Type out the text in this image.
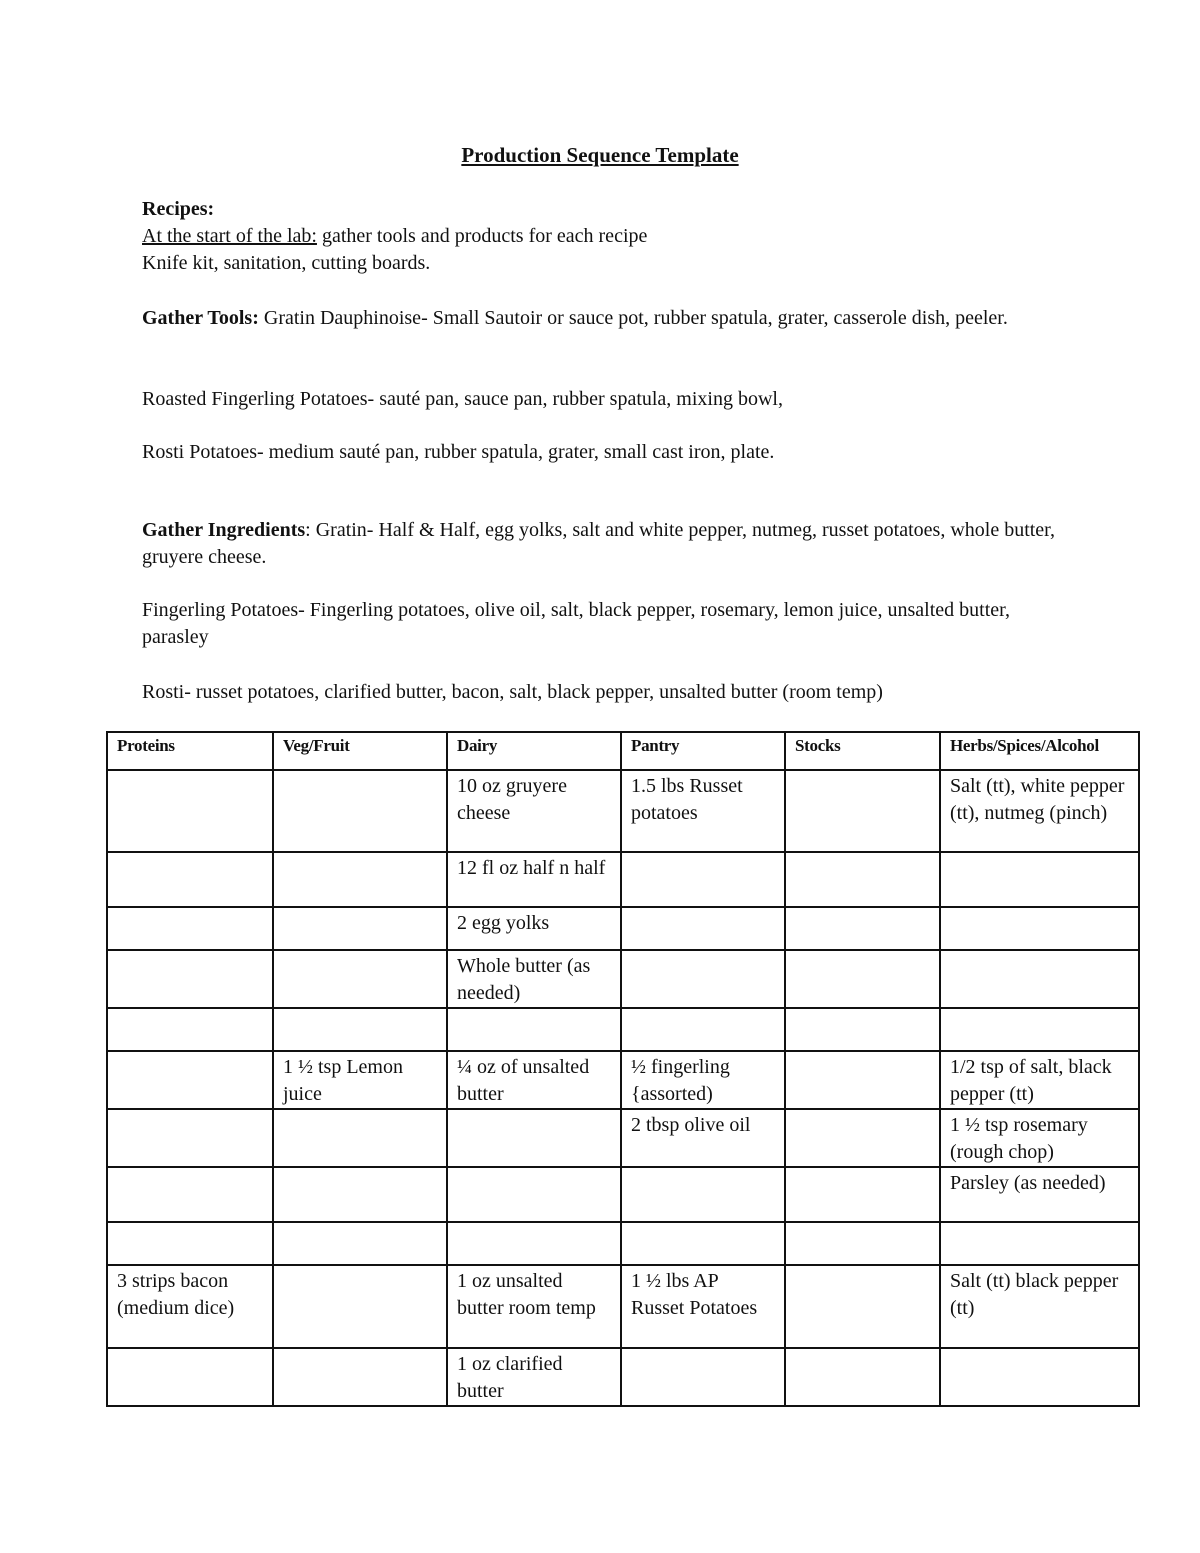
Production Sequence Template
Recipes:
At the start of the lab: gather tools and products for each recipe
Knife kit, sanitation, cutting boards.
Gather Tools: Gratin Dauphinoise- Small Sautoir or sauce pot, rubber spatula, grater, casserole dish, peeler.
Roasted Fingerling Potatoes- sauté pan, sauce pan, rubber spatula, mixing bowl,
Rosti Potatoes- medium sauté pan, rubber spatula, grater, small cast iron, plate.
Gather Ingredients: Gratin- Half & Half, egg yolks, salt and white pepper, nutmeg, russet potatoes, whole butter, gruyere cheese.
Fingerling Potatoes- Fingerling potatoes, olive oil, salt, black pepper, rosemary, lemon juice, unsalted butter, parasley
Rosti- russet potatoes, clarified butter, bacon, salt, black pepper, unsalted butter (room temp)
Proteins	Veg/Fruit	Dairy	Pantry	Stocks	Herbs/Spices/Alcohol
		10 oz gruyere cheese	1.5 lbs Russet potatoes		Salt (tt), white pepper (tt), nutmeg (pinch)
		12 fl oz half n half			
		2 egg yolks			
		Whole butter (as needed)			

	1 ½ tsp Lemon juice	¼ oz of unsalted butter	½ fingerling {assorted)		1/2 tsp of salt, black pepper (tt)
			2 tbsp olive oil		1 ½ tsp rosemary (rough chop)
					Parsley (as needed)

3 strips bacon (medium dice)		1 oz unsalted butter room temp	1 ½ lbs AP Russet Potatoes		Salt (tt) black pepper (tt)
		1 oz clarified butter			
